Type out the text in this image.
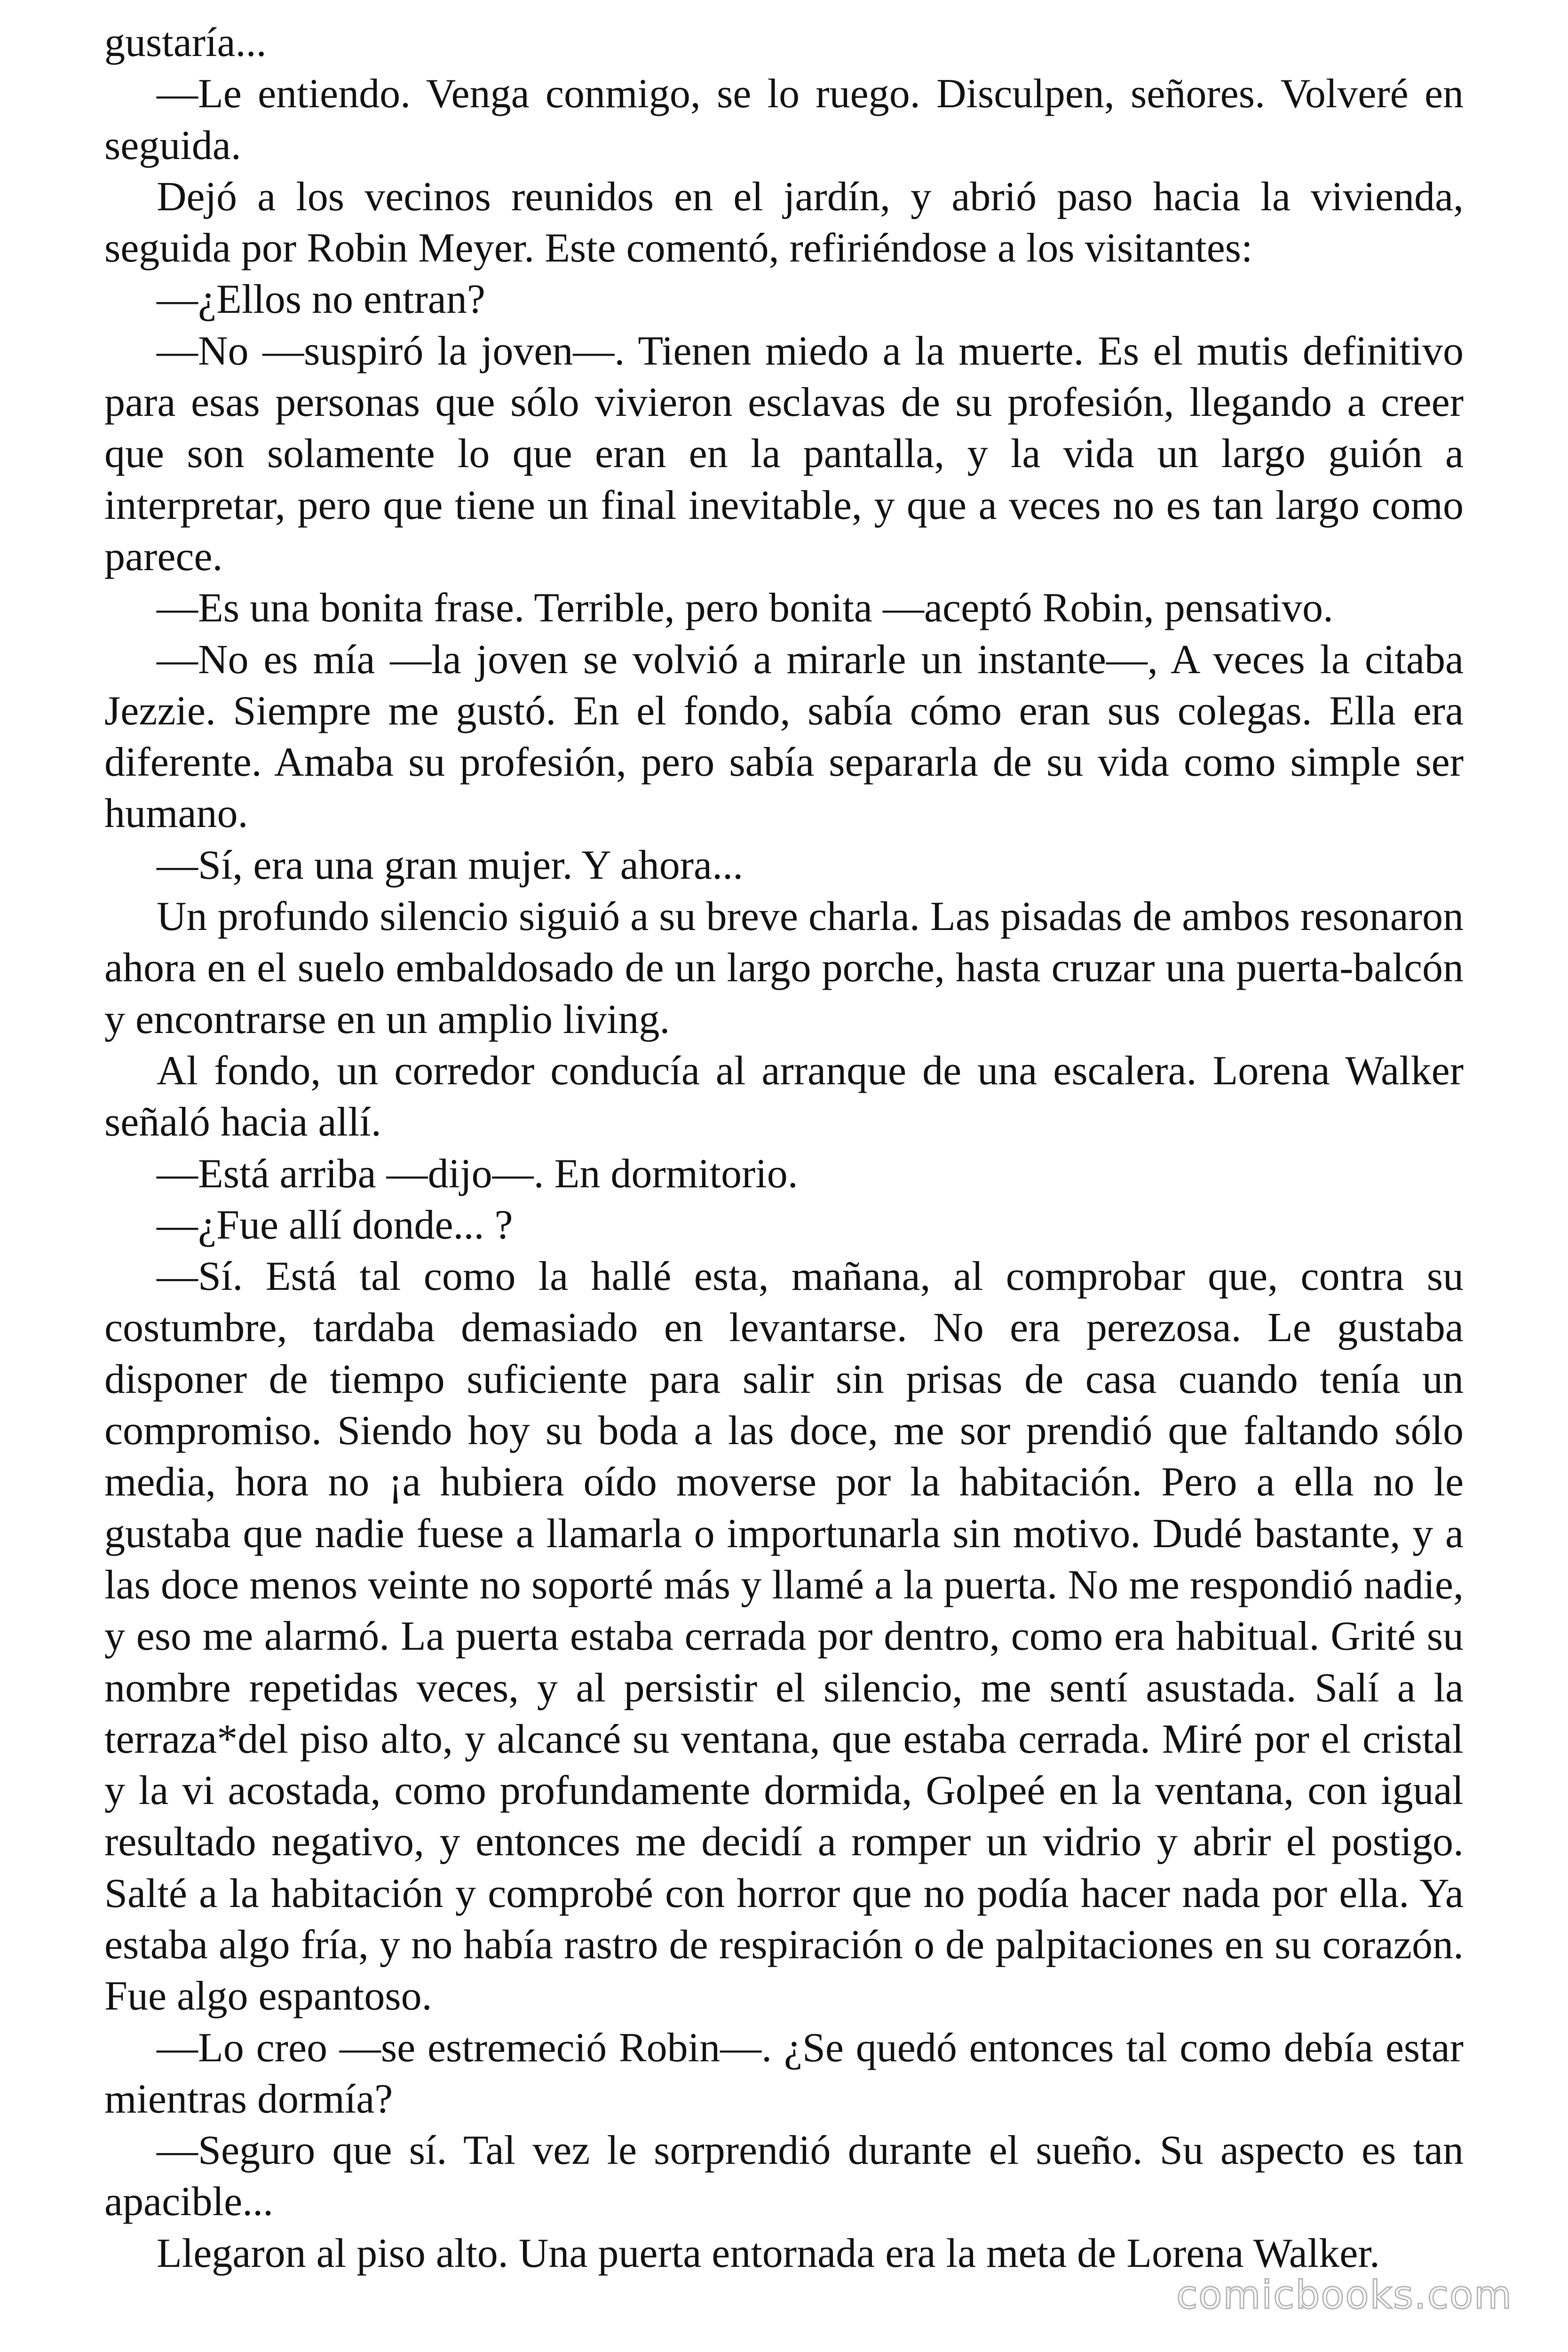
gustaría...

—Le entiendo. Venga conmigo, se lo ruego. Disculpen, señores. Volveré en seguida.

Dejó a los vecinos reunidos en el jardín, y abrió paso hacia la vivienda, seguida por Robin Meyer. Este comentó, refiriéndose a los visitantes:

—¿Ellos no entran?

—No —suspiró la joven—. Tienen miedo a la muerte. Es el mutis definitivo para esas personas que sólo vivieron esclavas de su profesión, llegando a creer que son solamente lo que eran en la pantalla, y la vida un largo guión a interpretar, pero que tiene un final inevitable, y que a veces no es tan largo como parece.

—Es una bonita frase. Terrible, pero bonita —aceptó Robin, pensativo.

—No es mía —la joven se volvió a mirarle un instante—, A veces la citaba Jezzie. Siempre me gustó. En el fondo, sabía cómo eran sus colegas. Ella era diferente. Amaba su profesión, pero sabía separarla de su vida como simple ser humano.

—Sí, era una gran mujer. Y ahora...

Un profundo silencio siguió a su breve charla. Las pisadas de ambos resonaron ahora en el suelo embaldosado de un largo porche, hasta cruzar una puerta-balcón y encontrarse en un amplio living.

Al fondo, un corredor conducía al arranque de una escalera. Lorena Walker señaló hacia allí.

—Está arriba —dijo—. En dormitorio.

—¿Fue allí donde... ?

—Sí. Está tal como la hallé esta, mañana, al comprobar que, contra su costumbre, tardaba demasiado en levantarse. No era perezosa. Le gustaba disponer de tiempo suficiente para salir sin prisas de casa cuando tenía un compromiso. Siendo hoy su boda a las doce, me sor prendió que faltando sólo media, hora no ¡a hubiera oído moverse por la habitación. Pero a ella no le gustaba que nadie fuese a llamarla o importunarla sin motivo. Dudé bastante, y a las doce menos veinte no soporté más y llamé a la puerta. No me respondió nadie, y eso me alarmó. La puerta estaba cerrada por dentro, como era habitual. Grité su nombre repetidas veces, y al persistir el silencio, me sentí asustada. Salí a la terraza*del piso alto, y alcancé su ventana, que estaba cerrada. Miré por el cristal y la vi acostada, como profundamente dormida, Golpeé en la ventana, con igual resultado negativo, y entonces me decidí a romper un vidrio y abrir el postigo. Salté a la habitación y comprobé con horror que no podía hacer nada por ella. Ya estaba algo fría, y no había rastro de respiración o de palpitaciones en su corazón. Fue algo espantoso.

—Lo creo —se estremeció Robin—. ¿Se quedó entonces tal como debía estar mientras dormía?

—Seguro que sí. Tal vez le sorprendió durante el sueño. Su aspecto es tan apacible...

Llegaron al piso alto. Una puerta entornada era la meta de Lorena Walker.

comicbooks.com
